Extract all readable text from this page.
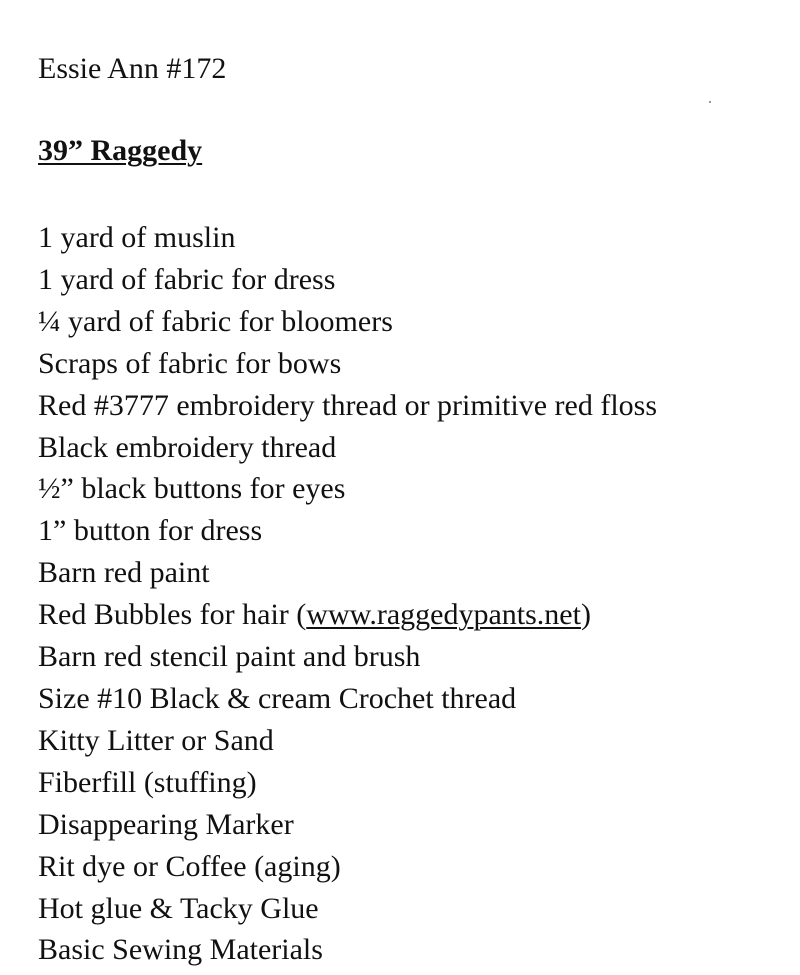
Essie Ann #172
39” Raggedy
1 yard of muslin
1 yard of fabric for dress
¼ yard of fabric for bloomers
Scraps of fabric for bows
Red #3777 embroidery thread or primitive red floss
Black embroidery thread
½” black buttons for eyes
1” button for dress
Barn red paint
Red Bubbles for hair (www.raggedypants.net)
Barn red stencil paint and brush
Size #10 Black & cream Crochet thread
Kitty Litter or Sand
Fiberfill (stuffing)
Disappearing Marker
Rit dye or Coffee (aging)
Hot glue & Tacky Glue
Basic Sewing Materials
